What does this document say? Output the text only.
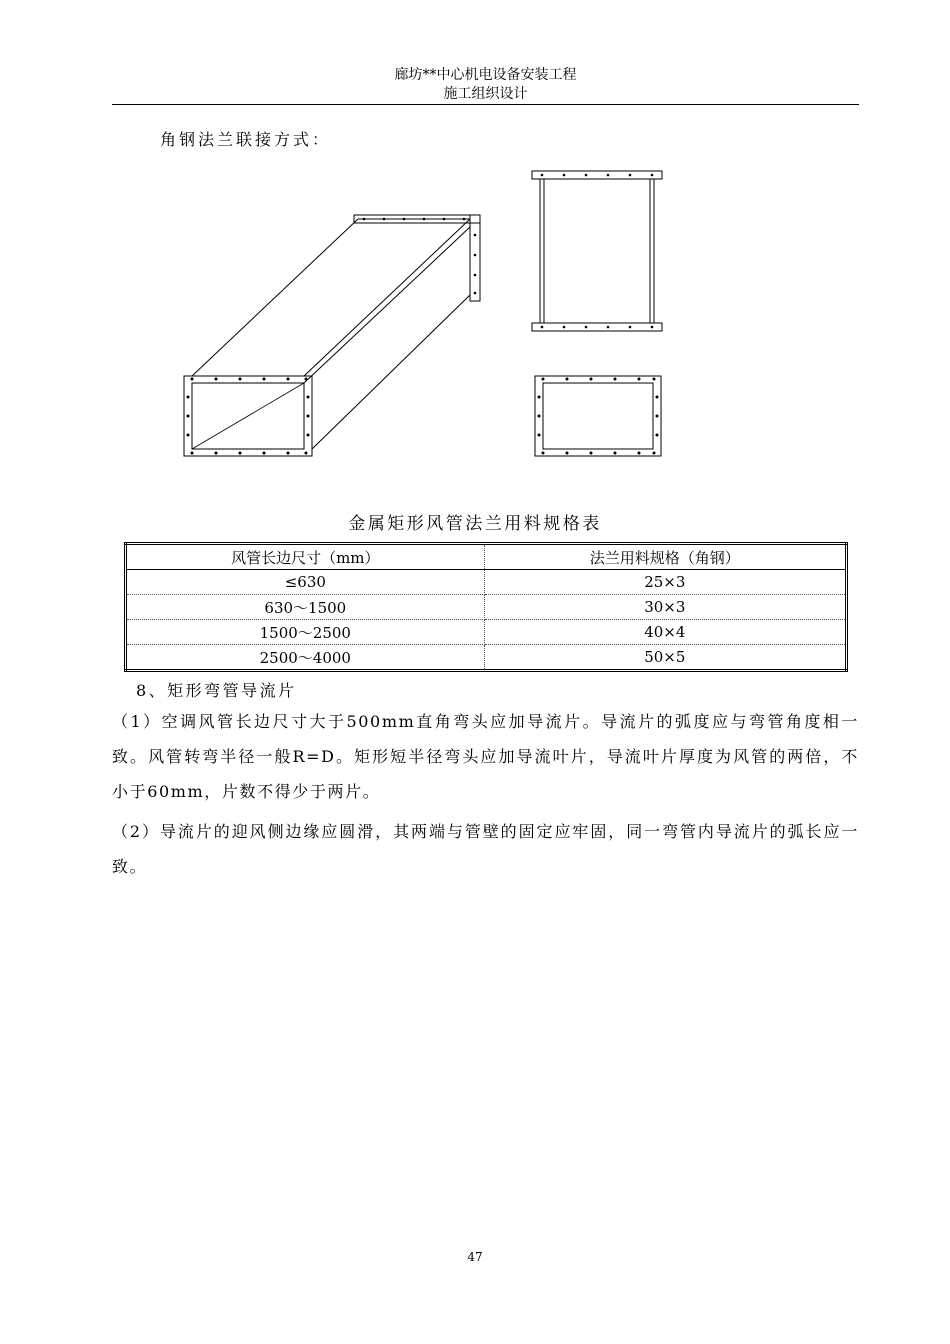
廊坊**中心机电设备安装工程
施工组织设计
角钢法兰联接方式：
金属矩形风管法兰用料规格表
风管长边尺寸（mm）	法兰用料规格（角钢）
≤630	25×3
630～1500	30×3
1500～2500	40×4
2500～4000	50×5
8、矩形弯管导流片
（1）空调风管长边尺寸大于500mm直角弯头应加导流片。导流片的弧度应与弯管角度相一致。风管转弯半径一般R=D。矩形短半径弯头应加导流叶片，导流叶片厚度为风管的两倍，不小于60mm，片数不得少于两片。
（2）导流片的迎风侧边缘应圆滑，其两端与管壁的固定应牢固，同一弯管内导流片的弧长应一致。
47
